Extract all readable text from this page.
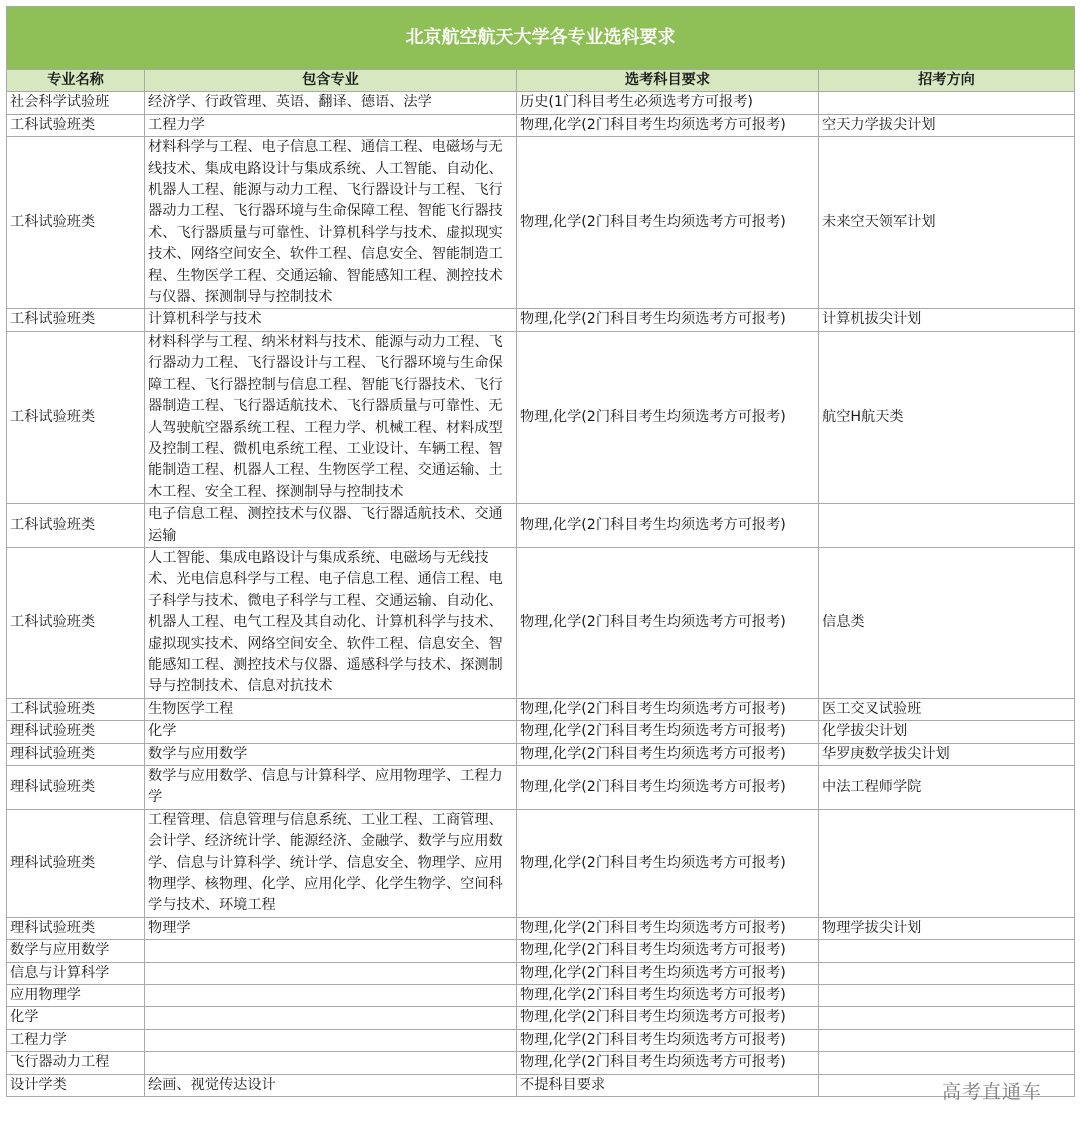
北京航空航天大学各专业选科要求			
专业名称	包含专业	选考科目要求	招考方向
社会科学试验班	经济学、行政管理、英语、翻译、德语、法学	历史(1门科目考生必须选考方可报考)	
工科试验班类	工程力学	物理,化学(2门科目考生均须选考方可报考)	空天力学拔尖计划
工科试验班类	材料科学与工程、电子信息工程、通信工程、电磁场与无线技术、集成电路设计与集成系统、人工智能、自动化、机器人工程、能源与动力工程、飞行器设计与工程、飞行器动力工程、飞行器环境与生命保障工程、智能飞行器技术、飞行器质量与可靠性、计算机科学与技术、虚拟现实技术、网络空间安全、软件工程、信息安全、智能制造工程、生物医学工程、交通运输、智能感知工程、测控技术与仪器、探测制导与控制技术	物理,化学(2门科目考生均须选考方可报考)	未来空天领军计划
工科试验班类	计算机科学与技术	物理,化学(2门科目考生均须选考方可报考)	计算机拔尖计划
工科试验班类	材料科学与工程、纳米材料与技术、能源与动力工程、飞行器动力工程、飞行器设计与工程、飞行器环境与生命保障工程、飞行器控制与信息工程、智能飞行器技术、飞行器制造工程、飞行器适航技术、飞行器质量与可靠性、无人驾驶航空器系统工程、工程力学、机械工程、材料成型及控制工程、微机电系统工程、工业设计、车辆工程、智能制造工程、机器人工程、生物医学工程、交通运输、土木工程、安全工程、探测制导与控制技术	物理,化学(2门科目考生均须选考方可报考)	航空H航天类
工科试验班类	电子信息工程、测控技术与仪器、飞行器适航技术、交通运输	物理,化学(2门科目考生均须选考方可报考)	
工科试验班类	人工智能、集成电路设计与集成系统、电磁场与无线技术、光电信息科学与工程、电子信息工程、通信工程、电子科学与技术、微电子科学与工程、交通运输、自动化、机器人工程、电气工程及其自动化、计算机科学与技术、虚拟现实技术、网络空间安全、软件工程、信息安全、智能感知工程、测控技术与仪器、遥感科学与技术、探测制导与控制技术、信息对抗技术	物理,化学(2门科目考生均须选考方可报考)	信息类
工科试验班类	生物医学工程	物理,化学(2门科目考生均须选考方可报考)	医工交叉试验班
理科试验班类	化学	物理,化学(2门科目考生均须选考方可报考)	化学拔尖计划
理科试验班类	数学与应用数学	物理,化学(2门科目考生均须选考方可报考)	华罗庚数学拔尖计划
理科试验班类	数学与应用数学、信息与计算科学、应用物理学、工程力学	物理,化学(2门科目考生均须选考方可报考)	中法工程师学院
理科试验班类	工程管理、信息管理与信息系统、工业工程、工商管理、会计学、经济统计学、能源经济、金融学、数学与应用数学、信息与计算科学、统计学、信息安全、物理学、应用物理学、核物理、化学、应用化学、化学生物学、空间科学与技术、环境工程	物理,化学(2门科目考生均须选考方可报考)	
理科试验班类	物理学	物理,化学(2门科目考生均须选考方可报考)	物理学拔尖计划
数学与应用数学		物理,化学(2门科目考生均须选考方可报考)	
信息与计算科学		物理,化学(2门科目考生均须选考方可报考)	
应用物理学		物理,化学(2门科目考生均须选考方可报考)	
化学		物理,化学(2门科目考生均须选考方可报考)	
工程力学		物理,化学(2门科目考生均须选考方可报考)	
飞行器动力工程		物理,化学(2门科目考生均须选考方可报考)	
设计学类	绘画、视觉传达设计	不提科目要求		高考直通车
